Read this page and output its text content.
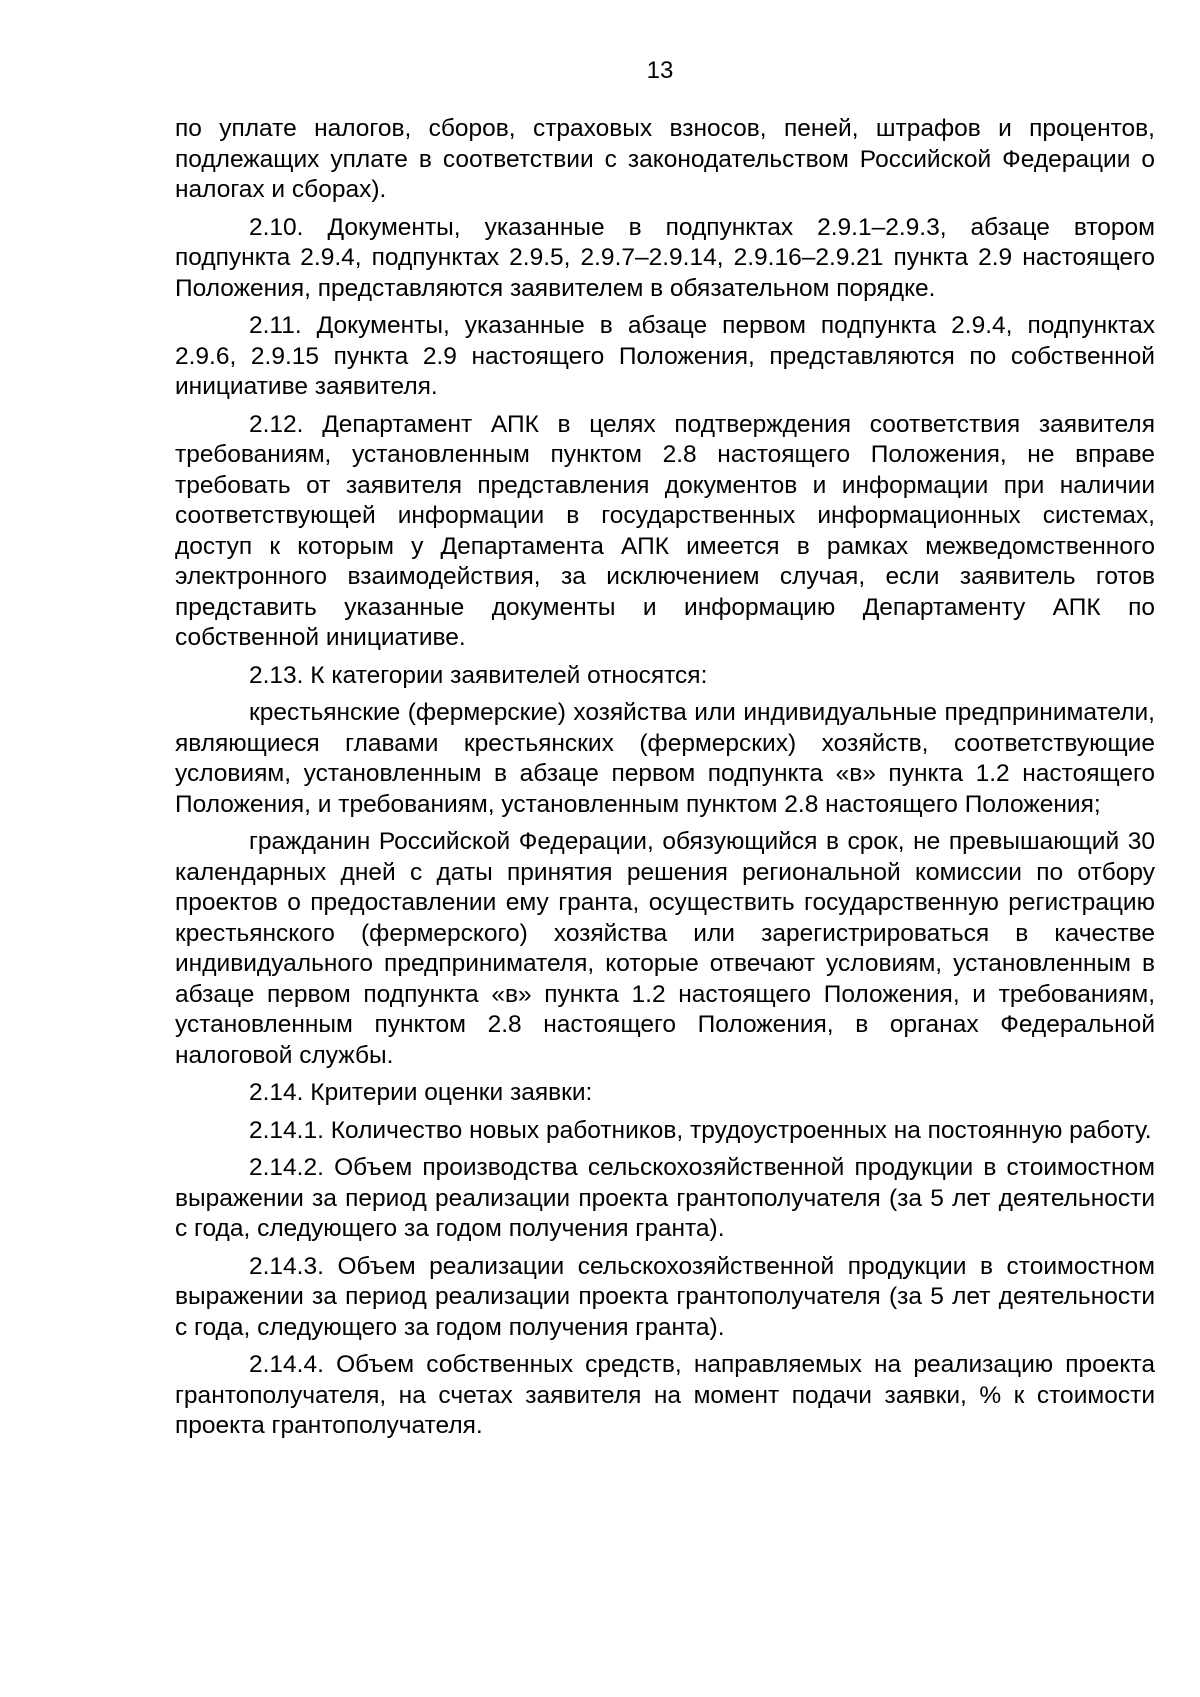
13

по уплате налогов, сборов, страховых взносов, пеней, штрафов и процентов, подлежащих уплате в соответствии с законодательством Российской Федерации о налогах и сборах).

2.10. Документы, указанные в подпунктах 2.9.1–2.9.3, абзаце втором подпункта 2.9.4, подпунктах 2.9.5, 2.9.7–2.9.14, 2.9.16–2.9.21 пункта 2.9 настоящего Положения, представляются заявителем в обязательном порядке.

2.11. Документы, указанные в абзаце первом подпункта 2.9.4, подпунктах 2.9.6, 2.9.15 пункта 2.9 настоящего Положения, представляются по собственной инициативе заявителя.

2.12. Департамент АПК в целях подтверждения соответствия заявителя требованиям, установленным пунктом 2.8 настоящего Положения, не вправе требовать от заявителя представления документов и информации при наличии соответствующей информации в государственных информационных системах, доступ к которым у Департамента АПК имеется в рамках межведомственного электронного взаимодействия, за исключением случая, если заявитель готов представить указанные документы и информацию Департаменту АПК по собственной инициативе.

2.13. К категории заявителей относятся:

крестьянские (фермерские) хозяйства или индивидуальные предприниматели, являющиеся главами крестьянских (фермерских) хозяйств, соответствующие условиям, установленным в абзаце первом подпункта «в» пункта 1.2 настоящего Положения, и требованиям, установленным пунктом 2.8 настоящего Положения;

гражданин Российской Федерации, обязующийся в срок, не превышающий 30 календарных дней с даты принятия решения региональной комиссии по отбору проектов о предоставлении ему гранта, осуществить государственную регистрацию крестьянского (фермерского) хозяйства или зарегистрироваться в качестве индивидуального предпринимателя, которые отвечают условиям, установленным в абзаце первом подпункта «в» пункта 1.2 настоящего Положения, и требованиям, установленным пунктом 2.8 настоящего Положения, в органах Федеральной налоговой службы.

2.14. Критерии оценки заявки:

2.14.1. Количество новых работников, трудоустроенных на постоянную работу.

2.14.2. Объем производства сельскохозяйственной продукции в стоимостном выражении за период реализации проекта грантополучателя (за 5 лет деятельности с года, следующего за годом получения гранта).

2.14.3. Объем реализации сельскохозяйственной продукции в стоимостном выражении за период реализации проекта грантополучателя (за 5 лет деятельности с года, следующего за годом получения гранта).

2.14.4. Объем собственных средств, направляемых на реализацию проекта грантополучателя, на счетах заявителя на момент подачи заявки, % к стоимости проекта грантополучателя.
